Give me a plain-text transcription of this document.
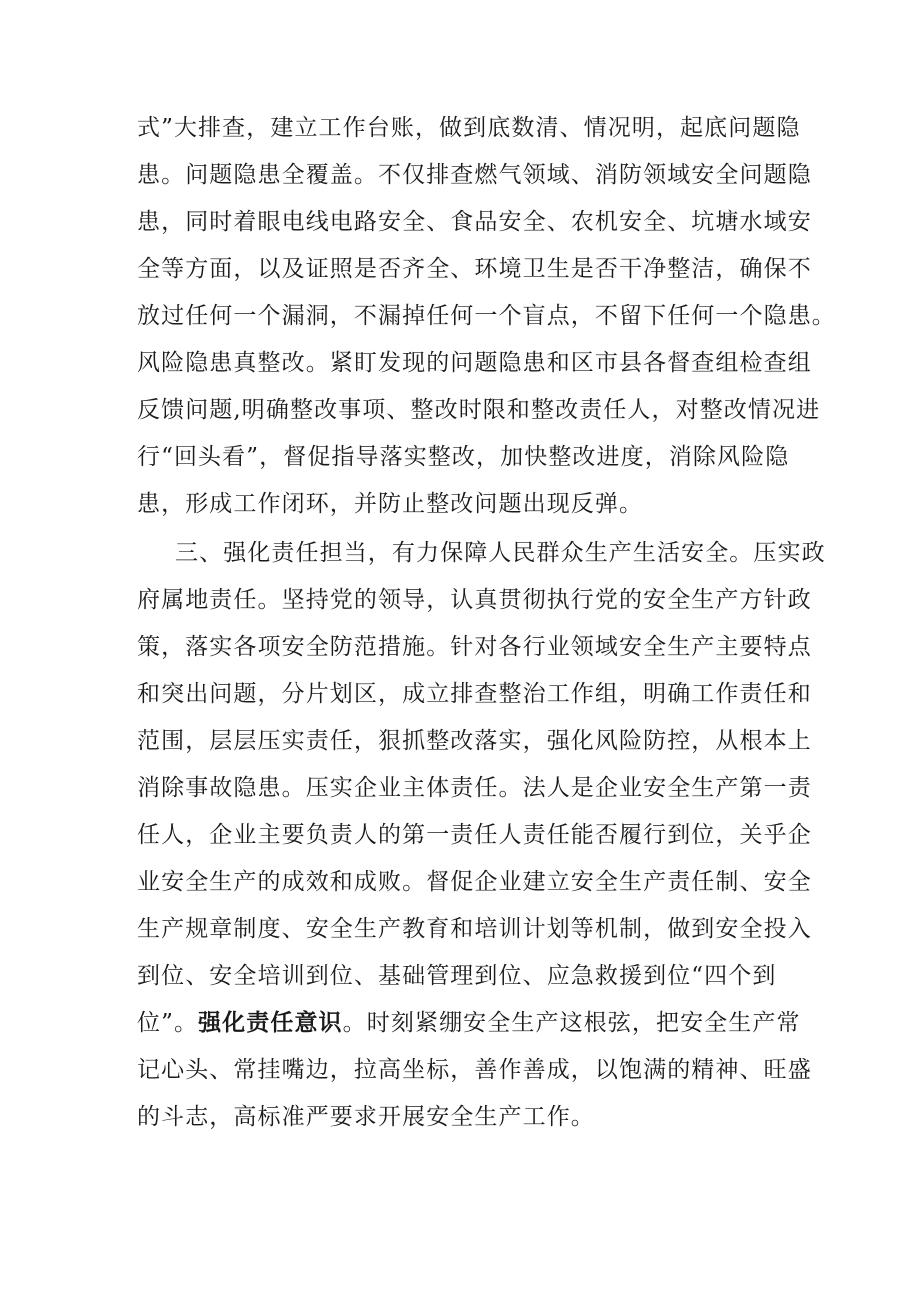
式”大排查，建立工作台账，做到底数清、情况明，起底问题隐
患。问题隐患全覆盖。不仅排查燃气领域、消防领域安全问题隐
患，同时着眼电线电路安全、食品安全、农机安全、坑塘水域安
全等方面，以及证照是否齐全、环境卫生是否干净整洁，确保不
放过任何一个漏洞，不漏掉任何一个盲点，不留下任何一个隐患。
风险隐患真整改。紧盯发现的问题隐患和区市县各督查组检查组
反馈问题,明确整改事项、整改时限和整改责任人，对整改情况进
行“回头看”，督促指导落实整改，加快整改进度，消除风险隐
患，形成工作闭环，并防止整改问题出现反弹。
三、强化责任担当，有力保障人民群众生产生活安全。压实政
府属地责任。坚持党的领导，认真贯彻执行党的安全生产方针政
策，落实各项安全防范措施。针对各行业领域安全生产主要特点
和突出问题，分片划区，成立排查整治工作组，明确工作责任和
范围，层层压实责任，狠抓整改落实，强化风险防控，从根本上
消除事故隐患。压实企业主体责任。法人是企业安全生产第一责
任人，企业主要负责人的第一责任人责任能否履行到位，关乎企
业安全生产的成效和成败。督促企业建立安全生产责任制、安全
生产规章制度、安全生产教育和培训计划等机制，做到安全投入
到位、安全培训到位、基础管理到位、应急救援到位“四个到
位”。强化责任意识。时刻紧绷安全生产这根弦，把安全生产常
记心头、常挂嘴边，拉高坐标，善作善成，以饱满的精神、旺盛
的斗志，高标准严要求开展安全生产工作。
